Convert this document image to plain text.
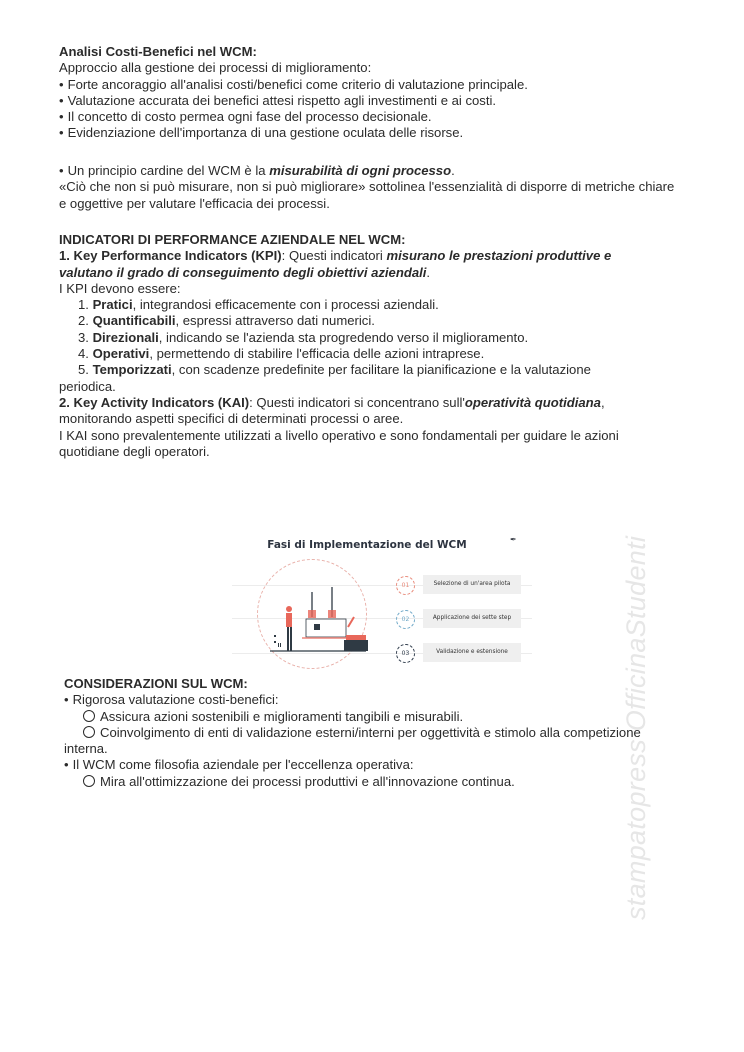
Analisi Costi-Benefici nel WCM:

Approccio alla gestione dei processi di miglioramento:

• Forte ancoraggio all'analisi costi/benefici come criterio di valutazione principale.

• Valutazione accurata dei benefici attesi rispetto agli investimenti e ai costi.

• Il concetto di costo permea ogni fase del processo decisionale.

• Evidenziazione dell'importanza di una gestione oculata delle risorse.

• Un principio cardine del WCM è la misurabilità di ogni processo.

«Ciò che non si può misurare, non si può migliorare» sottolinea l'essenzialità di disporre di metriche chiare e oggettive per valutare l'efficacia dei processi.

INDICATORI DI PERFORMANCE AZIENDALE NEL WCM:

1. Key Performance Indicators (KPI): Questi indicatori misurano le prestazioni produttive e valutano il grado di conseguimento degli obiettivi aziendali.

I KPI devono essere:

1. Pratici, integrandosi efficacemente con i processi aziendali.

2. Quantificabili, espressi attraverso dati numerici.

3. Direzionali, indicando se l'azienda sta progredendo verso il miglioramento.

4. Operativi, permettendo di stabilire l'efficacia delle azioni intraprese.

5. Temporizzati, con scadenze predefinite per facilitare la pianificazione e la valutazione

periodica.

2. Key Activity Indicators (KAI): Questi indicatori si concentrano sull'operatività quotidiana, monitorando aspetti specifici di determinati processi o aree.

I KAI sono prevalentemente utilizzati a livello operativo e sono fondamentali per guidare le azioni quotidiane degli operatori.

Fasi di Implementazione del WCM	✒
01	Selezione di un'area pilota
02	Applicazione dei sette step
03	Validazione e estensione

CONSIDERAZIONI SUL WCM:

• Rigorosa valutazione costi-benefici:

Assicura azioni sostenibili e miglioramenti tangibili e misurabili.

Coinvolgimento di enti di validazione esterni/interni per oggettività e stimolo alla competizione

interna.

• Il WCM come filosofia aziendale per l'eccellenza operativa:

Mira all'ottimizzazione dei processi produttivi e all'innovazione continua.	stampatopress OfficinaStudenti
